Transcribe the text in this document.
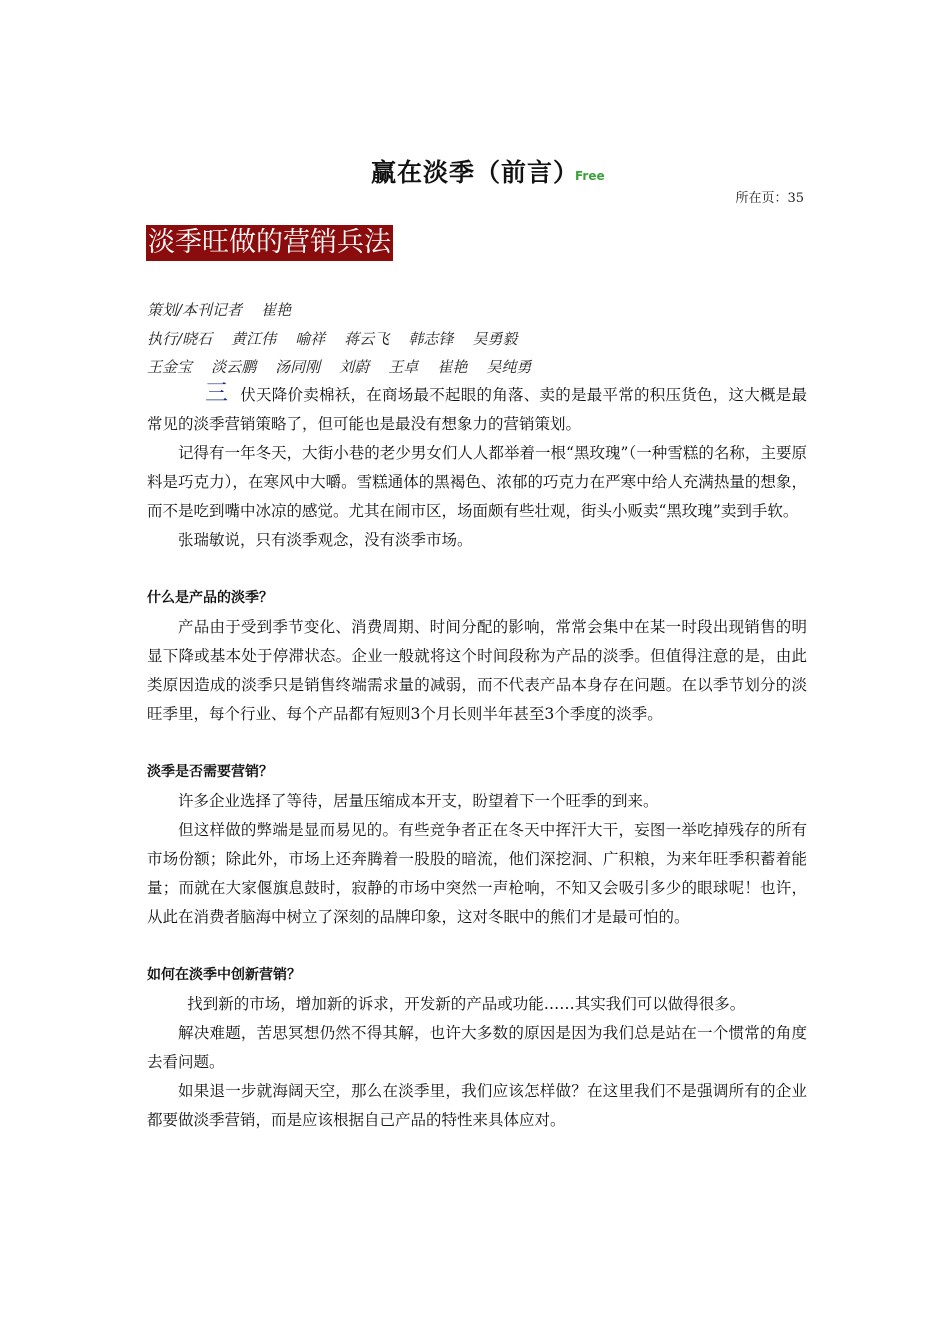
赢在淡季（前言）
Free
所在页：35
淡季旺做的营销兵法
策划/本刊记者    崔艳
执行/晓石    黄江伟    喻祥    蒋云飞    韩志锋    吴勇毅
王金宝    淡云鹏    汤同刚    刘蔚    王卓    崔艳    吴纯勇

三 伏天降价卖棉袄，在商场最不起眼的角落、卖的是最平常的积压货色，这大概是最常见的淡季营销策略了，但可能也是最没有想象力的营销策划。

记得有一年冬天，大街小巷的老少男女们人人都举着一根“黑玫瑰”（一种雪糕的名称，主要原料是巧克力），在寒风中大嚼。雪糕通体的黑褐色、浓郁的巧克力在严寒中给人充满热量的想象，而不是吃到嘴中冰凉的感觉。尤其在闹市区，场面颇有些壮观，街头小贩卖“黑玫瑰”卖到手软。

张瑞敏说，只有淡季观念，没有淡季市场。

什么是产品的淡季？

产品由于受到季节变化、消费周期、时间分配的影响，常常会集中在某一时段出现销售的明显下降或基本处于停滞状态。企业一般就将这个时间段称为产品的淡季。但值得注意的是，由此类原因造成的淡季只是销售终端需求量的减弱，而不代表产品本身存在问题。在以季节划分的淡旺季里，每个行业、每个产品都有短则3个月长则半年甚至3个季度的淡季。

淡季是否需要营销？

许多企业选择了等待，居量压缩成本开支，盼望着下一个旺季的到来。

但这样做的弊端是显而易见的。有些竞争者正在冬天中挥汗大干，妄图一举吃掉残存的所有市场份额；除此外，市场上还奔腾着一股股的暗流，他们深挖洞、广积粮，为来年旺季积蓄着能量；而就在大家偃旗息鼓时，寂静的市场中突然一声枪响，不知又会吸引多少的眼球呢！也许，从此在消费者脑海中树立了深刻的品牌印象，这对冬眠中的熊们才是最可怕的。

如何在淡季中创新营销？

找到新的市场，增加新的诉求，开发新的产品或功能……其实我们可以做得很多。

解决难题，苦思冥想仍然不得其解，也许大多数的原因是因为我们总是站在一个惯常的角度去看问题。

如果退一步就海阔天空，那么在淡季里，我们应该怎样做？在这里我们不是强调所有的企业都要做淡季营销，而是应该根据自己产品的特性来具体应对。
